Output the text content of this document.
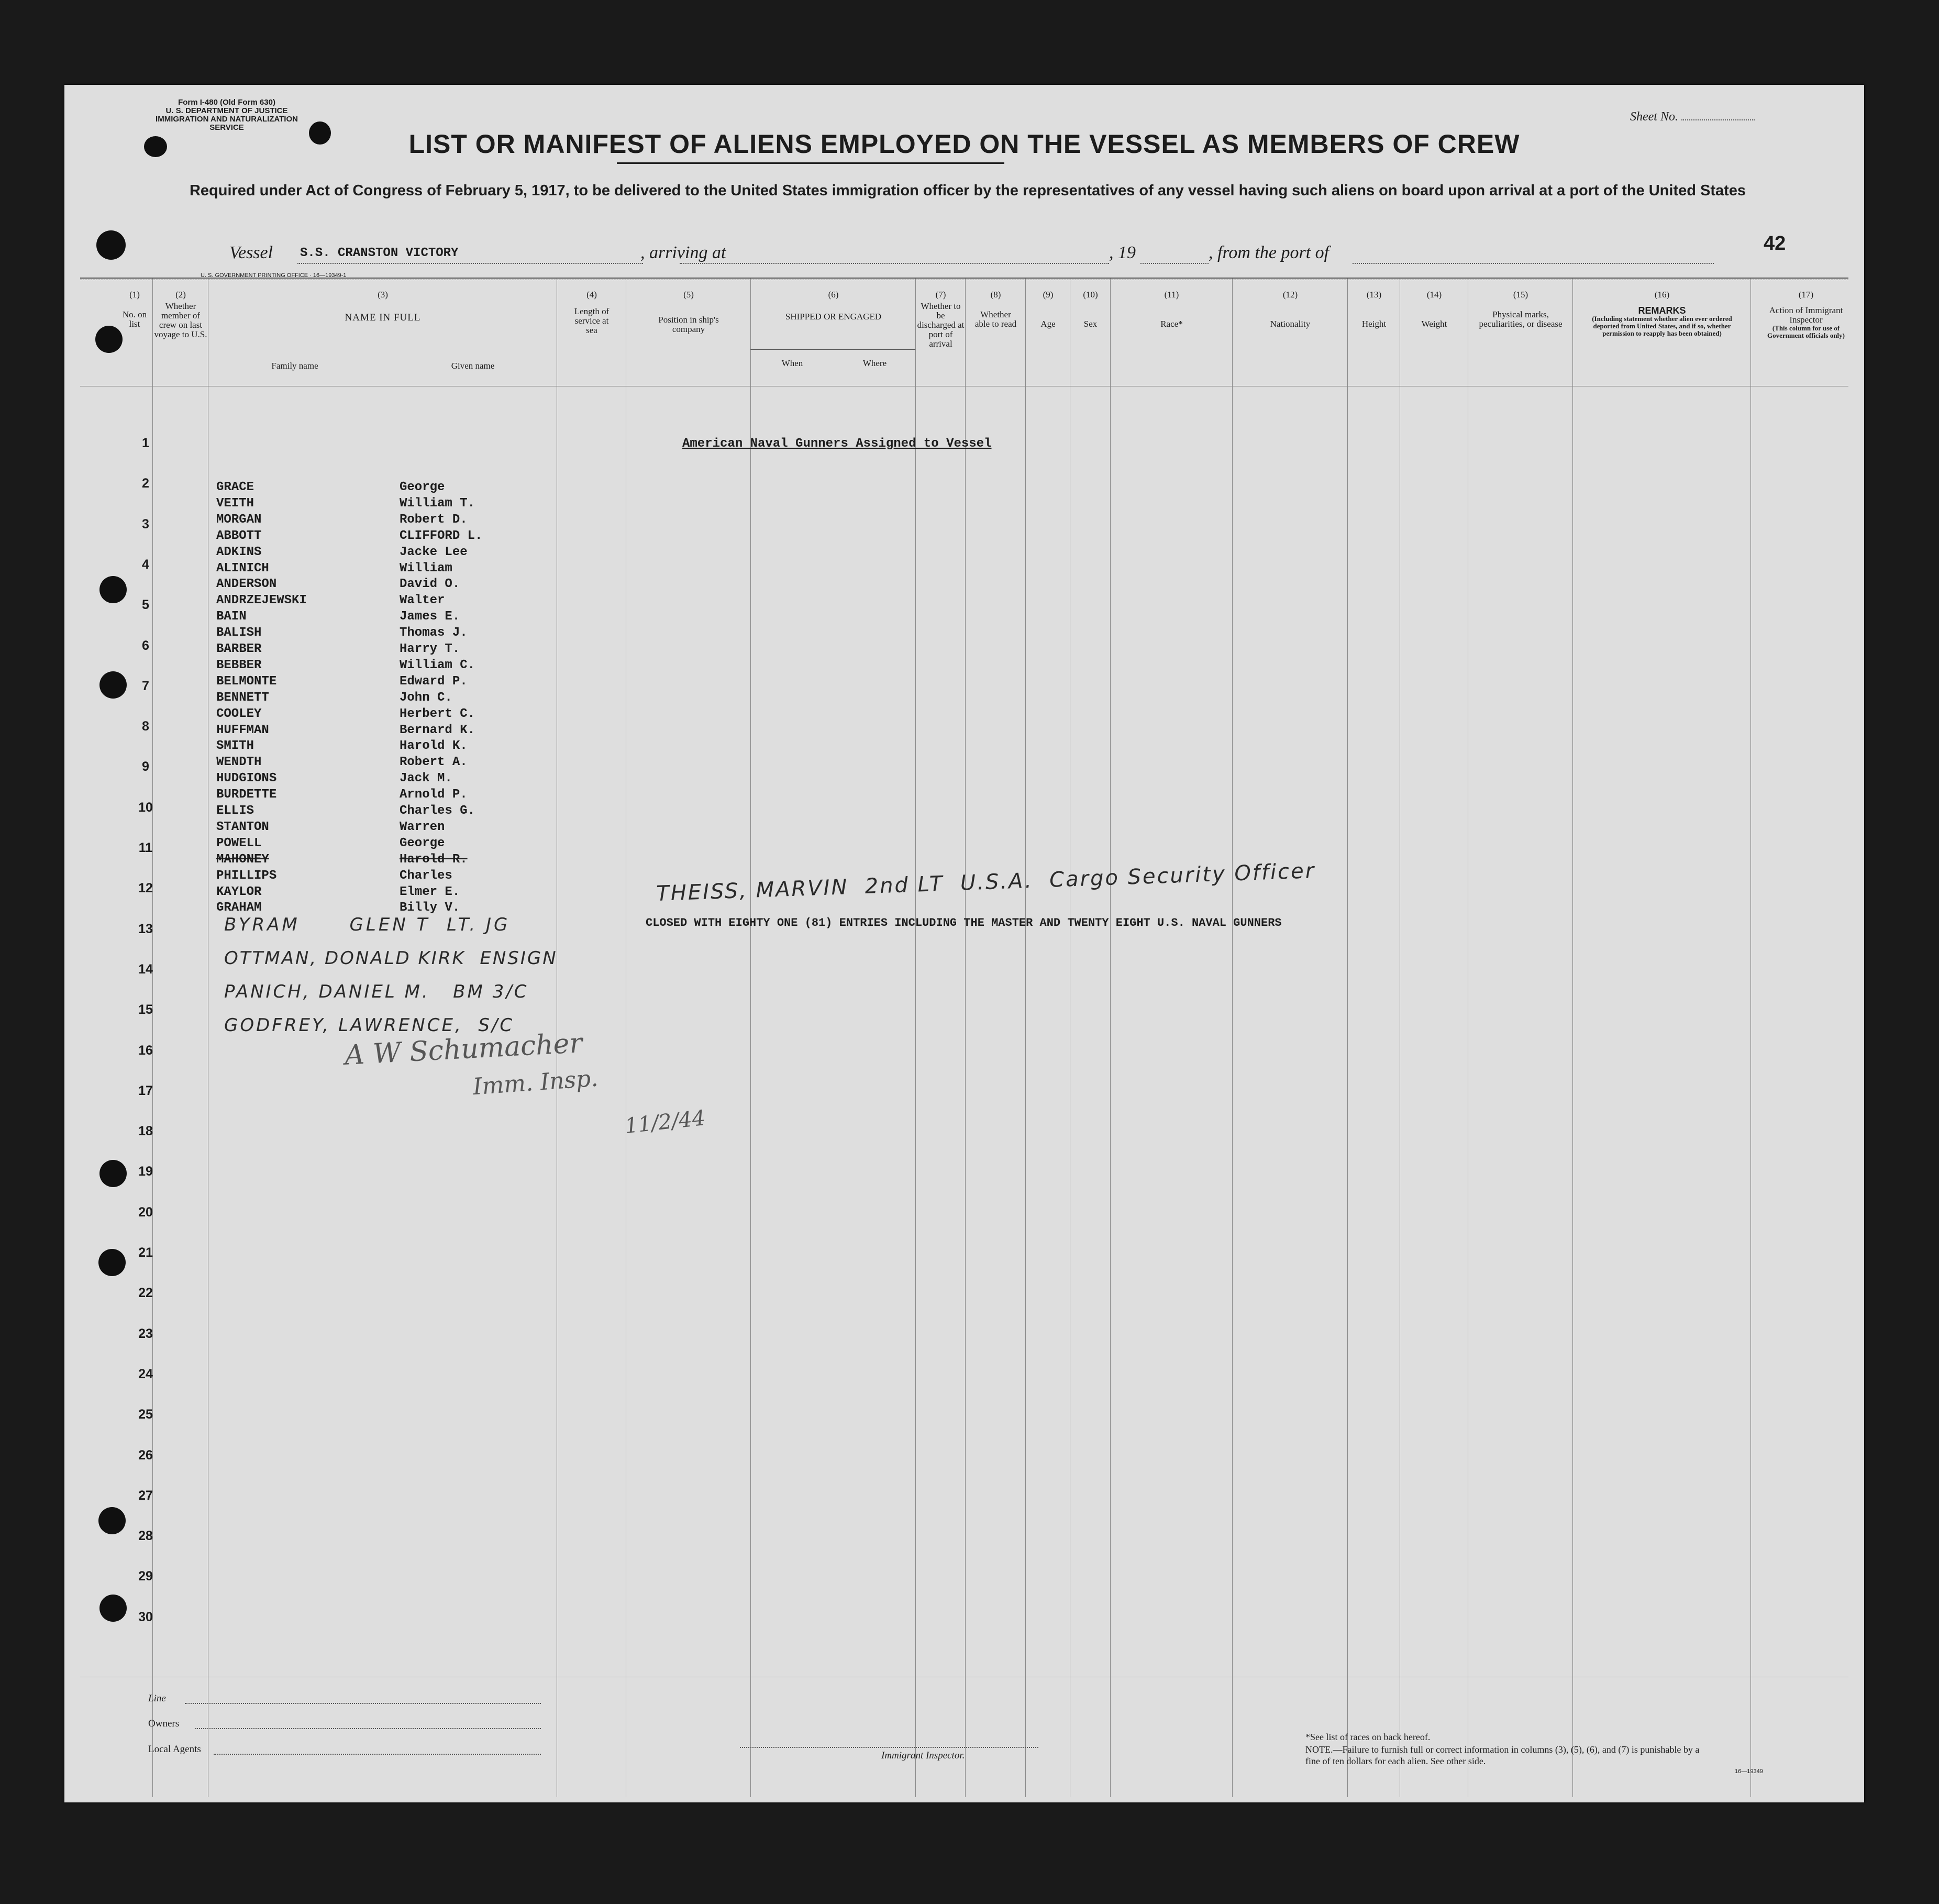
Form I-480 (Old Form 630)
U. S. DEPARTMENT OF JUSTICE
IMMIGRATION AND NATURALIZATION SERVICE
Sheet No.
LIST OR MANIFEST OF ALIENS EMPLOYED ON THE VESSEL AS MEMBERS OF CREW
Required under Act of Congress of February 5, 1917, to be delivered to the United States immigration officer by the representatives of any vessel having such aliens on board upon arrival at a port of the United States
42
Vessel S.S. CRANSTON VICTORY	, arriving at	, 19	, from the port of
U. S. GOVERNMENT PRINTING OFFICE · 16—19349-1
(1)
No. on list
(2)
Whether member of crew on last voyage to U.S.
(3)
NAME IN FULL
Family name	Given name
(4)
Length of service at sea
(5)
Position in ship's company
(6)
SHIPPED OR ENGAGED
When	Where
(7)
Whether to be discharged at port of arrival
(8)
Whether able to read
(9)
Age
(10)
Sex
(11)
Race*
(12)
Nationality
(13)
Height
(14)
Weight
(15)
Physical marks, peculiarities, or disease
(16)
REMARKS
(Including statement whether alien ever ordered deported from United States, and if so, whether permission to reapply has been obtained)
(17)
Action of Immigrant Inspector
(This column for use of Government officials only)
1
2
3
4
5
6
7
8
9
10
11
12
13
14
15
16
17
18
19
20
21
22
23
24
25
26
27
28
29
30
American Naval Gunners Assigned to Vessel
GRACE	George
VEITH	William T.
MORGAN	Robert D.
ABBOTT	CLIFFORD L.
ADKINS	Jacke Lee
ALINICH	William
ANDERSON	David O.
ANDRZEJEWSKI	Walter
BAIN	James E.
BALISH	Thomas J.
BARBER	Harry T.
BEBBER	William C.
BELMONTE	Edward P.
BENNETT	John C.
COOLEY	Herbert C.
HUFFMAN	Bernard K.
SMITH	Harold K.
WENDTH	Robert A.
HUDGIONS	Jack M.
BURDETTE	Arnold P.
ELLIS	Charles G.
STANTON	Warren
POWELL	George
MAHONEY	Harold R.
PHILLIPS	Charles
KAYLOR	Elmer E.
GRAHAM	Billy V.
BYRAM      GLEN T  LT. JG
OTTMAN, DONALD KIRK  ENSIGN
PANICH, DANIEL M.   BM 3/C
GODFREY, LAWRENCE,  S/C
THEISS, MARVIN  2nd LT  U.S.A.  Cargo Security Officer
CLOSED WITH EIGHTY ONE (81) ENTRIES INCLUDING THE MASTER AND TWENTY EIGHT U.S. NAVAL GUNNERS
A W Schumacher
Imm. Insp.
11/2/44
Line
Owners
Local Agents
Immigrant Inspector.
*See list of races on back hereof.
NOTE.—Failure to furnish full or correct information in columns (3), (5), (6), and (7) is punishable by a fine of ten dollars for each alien. See other side.
16—19349
